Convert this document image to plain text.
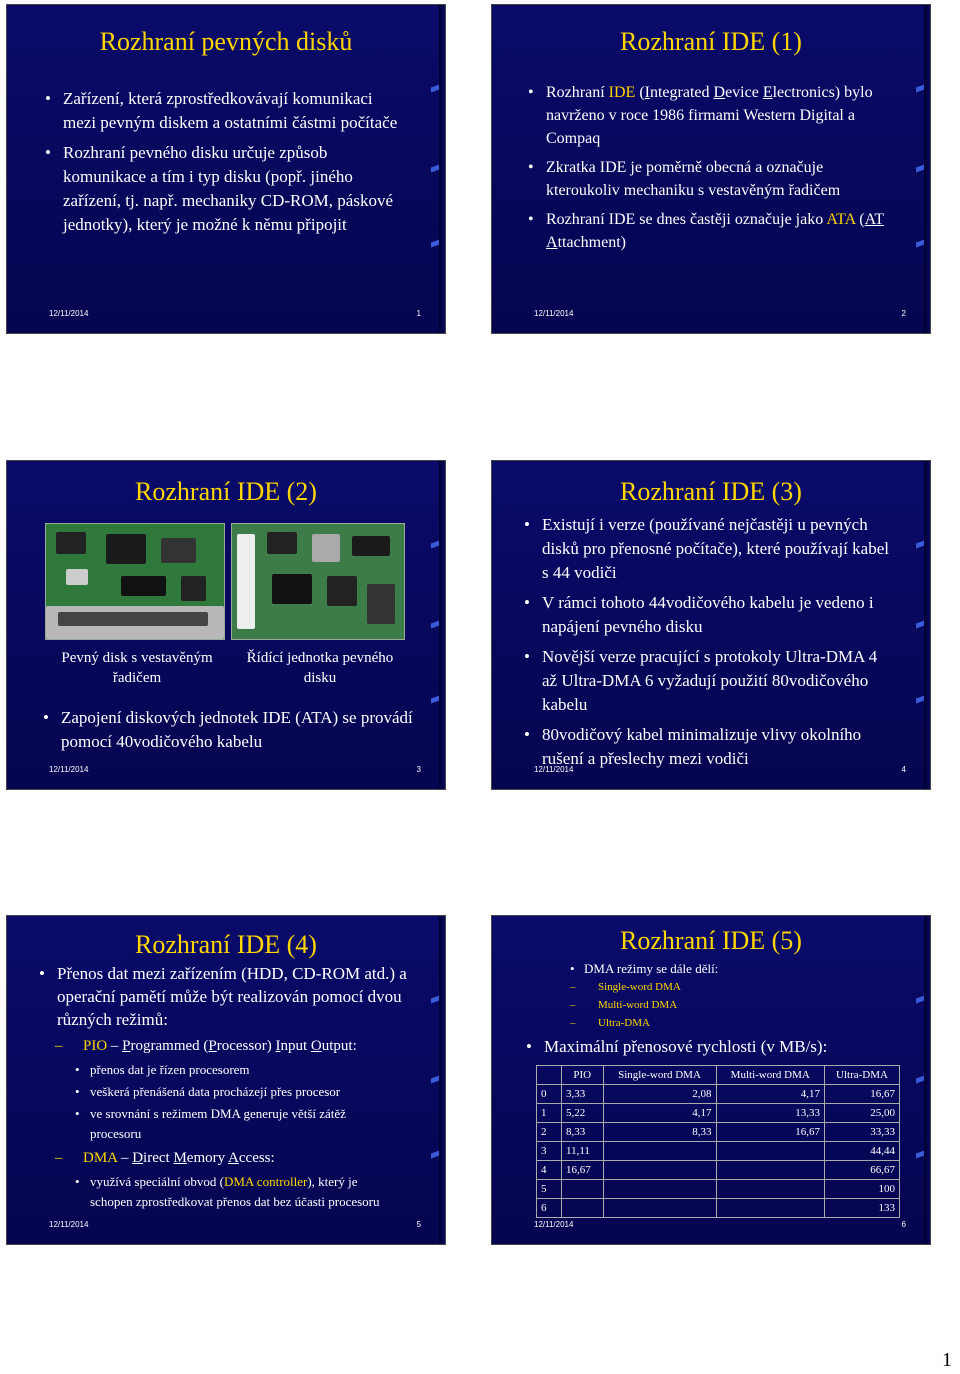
Rozhraní pevných disků
• Zařízení, která zprostředkovávají komunikaci mezi pevným diskem a ostatními částmi počítače
• Rozhraní pevného disku určuje způsob komunikace a tím i typ disku (popř. jiného zařízení, tj. např. mechaniky CD-ROM, páskové jednotky), který je možné k němu připojit
12/11/2014	1
Rozhraní IDE (1)
• Rozhraní IDE (Integrated Device Electronics) bylo navrženo v roce 1986 firmami Western Digital a Compaq
• Zkratka IDE je poměrně obecná a označuje kteroukoliv mechaniku s vestavěným řadičem
• Rozhraní IDE se dnes častěji označuje jako ATA (AT Attachment)
12/11/2014	2
Rozhraní IDE (2)
Pevný disk s vestavěným řadičem
Řídící jednotka pevného disku
• Zapojení diskových jednotek IDE (ATA) se provádí pomocí 40vodičového kabelu
12/11/2014	3
Rozhraní IDE (3)
• Existují i verze (používané nejčastěji u pevných disků pro přenosné počítače), které používají kabel s 44 vodiči
• V rámci tohoto 44vodičového kabelu je vedeno i napájení pevného disku
• Novější verze pracující s protokoly Ultra-DMA 4 až Ultra-DMA 6 vyžadují použití 80vodičového kabelu
• 80vodičový kabel minimalizuje vlivy okolního rušení a přeslechy mezi vodiči
12/11/2014	4
Rozhraní IDE (4)
• Přenos dat mezi zařízením (HDD, CD-ROM atd.) a operační pamětí může být realizován pomocí dvou různých režimů:
– PIO – Programmed (Processor) Input Output:
• přenos dat je řízen procesorem
• veškerá přenášená data procházejí přes procesor
• ve srovnání s režimem DMA generuje větší zátěž procesoru
– DMA – Direct Memory Access:
• využívá speciální obvod (DMA controller), který je schopen zprostředkovat přenos dat bez účasti procesoru
12/11/2014	5
Rozhraní IDE (5)
• DMA režimy se dále dělí:
– Single-word DMA
– Multi-word DMA
– Ultra-DMA
• Maximální přenosové rychlosti (v MB/s):
	PIO	Single-word DMA	Multi-word DMA	Ultra-DMA
0	3,33	2,08	4,17	16,67
1	5,22	4,17	13,33	25,00
2	8,33	8,33	16,67	33,33
3	11,11			44,44
4	16,67			66,67
5				100
6				133
12/11/2014	6
1
